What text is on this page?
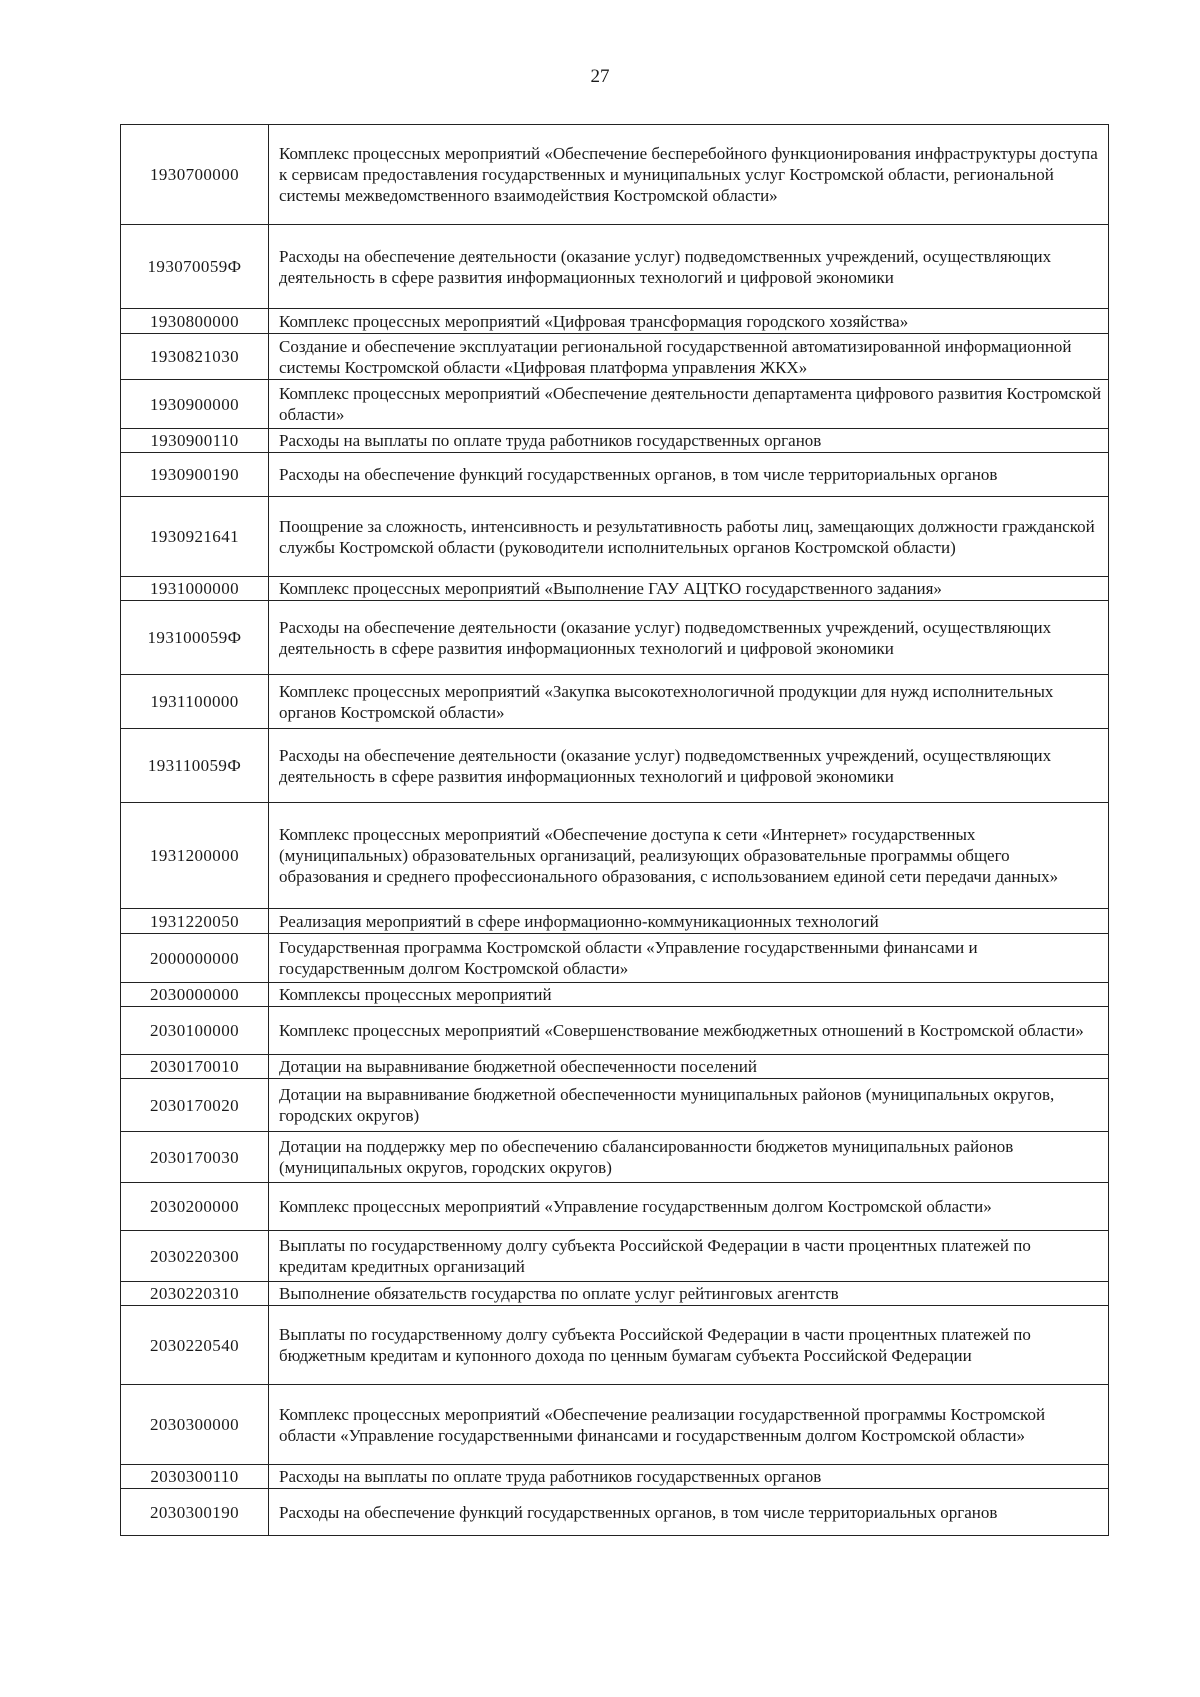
27
1930700000	Комплекс процессных мероприятий «Обеспечение бесперебойного функционирования инфраструктуры доступа к сервисам предоставления государственных и муниципальных услуг Костромской области, региональной системы межведомственного взаимодействия Костромской области»
193070059Ф	Расходы на обеспечение деятельности (оказание услуг) подведомственных учреждений, осуществляющих деятельность в сфере развития информационных технологий и цифровой экономики
1930800000	Комплекс процессных мероприятий «Цифровая трансформация городского хозяйства»
1930821030	Создание и обеспечение эксплуатации региональной государственной автоматизированной информационной системы Костромской области «Цифровая платформа управления ЖКХ»
1930900000	Комплекс процессных мероприятий «Обеспечение деятельности департамента цифрового развития Костромской области»
1930900110	Расходы на выплаты по оплате труда работников государственных органов
1930900190	Расходы на обеспечение функций государственных органов, в том числе территориальных органов
1930921641	Поощрение за сложность, интенсивность и результативность работы лиц, замещающих должности гражданской службы Костромской области (руководители исполнительных органов Костромской области)
1931000000	Комплекс процессных мероприятий «Выполнение ГАУ АЦТКО государственного задания»
193100059Ф	Расходы на обеспечение деятельности (оказание услуг) подведомственных учреждений, осуществляющих деятельность в сфере развития информационных технологий и цифровой экономики
1931100000	Комплекс процессных мероприятий «Закупка высокотехнологичной продукции для нужд исполнительных органов Костромской области»
193110059Ф	Расходы на обеспечение деятельности (оказание услуг) подведомственных учреждений, осуществляющих деятельность в сфере развития информационных технологий и цифровой экономики
1931200000	Комплекс процессных мероприятий «Обеспечение доступа к сети «Интернет» государственных (муниципальных) образовательных организаций, реализующих образовательные программы общего образования и среднего профессионального образования, с использованием единой сети передачи данных»
1931220050	Реализация мероприятий в сфере информационно-коммуникационных технологий
2000000000	Государственная программа Костромской области «Управление государственными финансами и государственным долгом Костромской области»
2030000000	Комплексы процессных мероприятий
2030100000	Комплекс процессных мероприятий «Совершенствование межбюджетных отношений в Костромской области»
2030170010	Дотации на выравнивание бюджетной обеспеченности поселений
2030170020	Дотации на выравнивание бюджетной обеспеченности муниципальных районов (муниципальных округов, городских округов)
2030170030	Дотации на поддержку мер по обеспечению сбалансированности бюджетов муниципальных районов (муниципальных округов, городских округов)
2030200000	Комплекс процессных мероприятий «Управление государственным долгом Костромской области»
2030220300	Выплаты по государственному долгу субъекта Российской Федерации в части процентных платежей по кредитам кредитных организаций
2030220310	Выполнение обязательств государства по оплате услуг рейтинговых агентств
2030220540	Выплаты по государственному долгу субъекта Российской Федерации в части процентных платежей по бюджетным кредитам и купонного дохода по ценным бумагам субъекта Российской Федерации
2030300000	Комплекс процессных мероприятий «Обеспечение реализации государственной программы Костромской области «Управление государственными финансами и государственным долгом Костромской области»
2030300110	Расходы на выплаты по оплате труда работников государственных органов
2030300190	Расходы на обеспечение функций государственных органов, в том числе территориальных органов
